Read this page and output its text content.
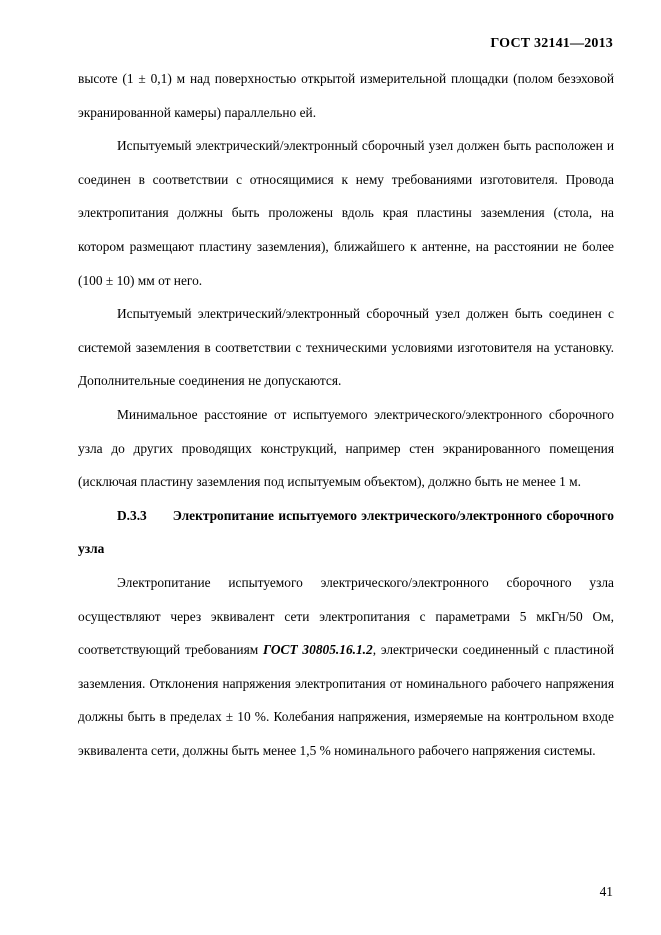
ГОСТ 32141—2013

высоте (1 ± 0,1) м над поверхностью открытой измерительной площадки (полом безэховой экранированной камеры) параллельно ей.

Испытуемый электрический/электронный сборочный узел должен быть расположен и соединен в соответствии с относящимися к нему требованиями изготовителя. Провода электропитания должны быть проложены вдоль края пластины заземления (стола, на котором размещают пластину заземления), ближайшего к антенне, на расстоянии не более (100 ± 10) мм от него.

Испытуемый электрический/электронный сборочный узел должен быть соединен с системой заземления в соответствии с техническими условиями изготовителя на установку. Дополнительные соединения не допускаются.

Минимальное расстояние от испытуемого электрического/электронного сборочного узла до других проводящих конструкций, например стен экранированного помещения (исключая пластину заземления под испытуемым объектом), должно быть не менее 1 м.

D.3.3 Электропитание испытуемого электрического/электронного сборочного узла

Электропитание испытуемого электрического/электронного сборочного узла осуществляют через эквивалент сети электропитания с параметрами 5 мкГн/50 Ом, соответствующий требованиям ГОСТ 30805.16.1.2, электрически соединенный с пластиной заземления. Отклонения напряжения электропитания от номинального рабочего напряжения должны быть в пределах ± 10 %. Колебания напряжения, измеряемые на контрольном входе эквивалента сети, должны быть менее 1,5 % номинального рабочего напряжения системы.

41
